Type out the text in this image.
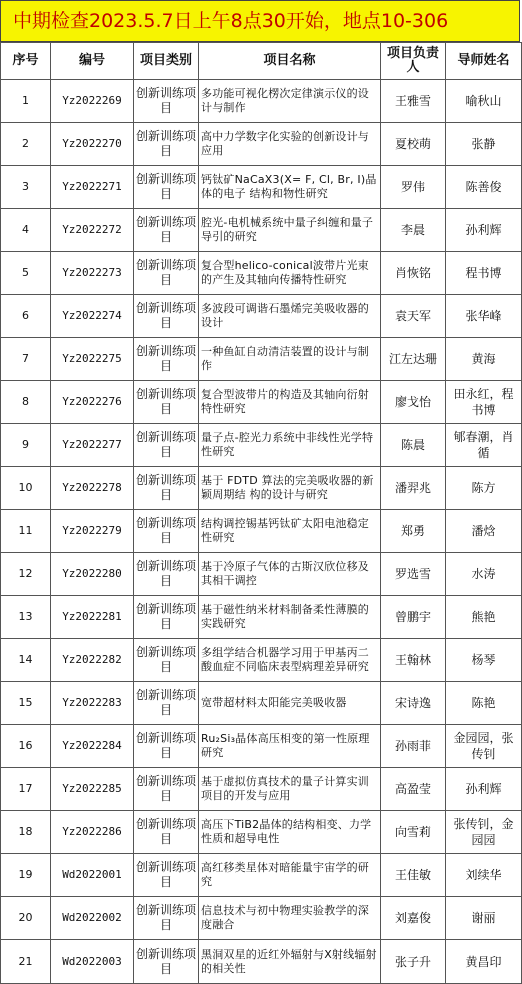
中期检查2023.5.7日上午8点30开始，地点10-306
序号	编号	项目类别	项目名称	项目负责人	导师姓名
1	Yz2022269	创新训练项目	多功能可视化楞次定律演示仪的设计与制作	王雅雪	喻秋山
2	Yz2022270	创新训练项目	高中力学数字化实验的创新设计与应用	夏校萌	张静
3	Yz2022271	创新训练项目	钙钛矿NaCaX3(X= F, Cl, Br, I)晶体的电子 结构和物性研究	罗伟	陈善俊
4	Yz2022272	创新训练项目	腔光-电机械系统中量子纠缠和量子导引的研究	李晨	孙利辉
5	Yz2022273	创新训练项目	复合型helico-conical波带片光束的产生及其轴向传播特性研究	肖恢铭	程书博
6	Yz2022274	创新训练项目	多波段可调谐石墨烯完美吸收器的设计	袁天军	张华峰
7	Yz2022275	创新训练项目	一种鱼缸自动清洁装置的设计与制作	江左达珊	黄海
8	Yz2022276	创新训练项目	复合型波带片的构造及其轴向衍射特性研究	廖戈怡	田永红，程书博
9	Yz2022277	创新训练项目	量子点-腔光力系统中非线性光学特性研究	陈晨	郇春潮，肖循
10	Yz2022278	创新训练项目	基于 FDTD 算法的完美吸收器的新颖周期结 构的设计与研究	潘羿兆	陈方
11	Yz2022279	创新训练项目	结构调控锡基钙钛矿太阳电池稳定性研究	郑勇	潘焓
12	Yz2022280	创新训练项目	基于冷原子气体的古斯汉欣位移及其相干调控	罗选雪	水涛
13	Yz2022281	创新训练项目	基于磁性纳米材料制备柔性薄膜的实践研究	曾鹏宇	熊艳
14	Yz2022282	创新训练项目	多组学结合机器学习用于甲基丙二酸血症不同临床表型病理差异研究	王翰林	杨琴
15	Yz2022283	创新训练项目	宽带超材料太阳能完美吸收器	宋诗逸	陈艳
16	Yz2022284	创新训练项目	Ru₂Si₃晶体高压相变的第一性原理研究	孙雨菲	金园园，张传钊
17	Yz2022285	创新训练项目	基于虚拟仿真技术的量子计算实训项目的开发与应用	高盈莹	孙利辉
18	Yz2022286	创新训练项目	高压下TiB2晶体的结构相变、力学性质和超导电性	向雪莉	张传钊，金园园
19	Wd2022001	创新训练项目	高红移类星体对暗能量宇宙学的研究	王佳敏	刘续华
20	Wd2022002	创新训练项目	信息技术与初中物理实验教学的深度融合	刘嘉俊	谢丽
21	Wd2022003	创新训练项目	黑洞双星的近红外辐射与X射线辐射的相关性	张子升	黄昌印
